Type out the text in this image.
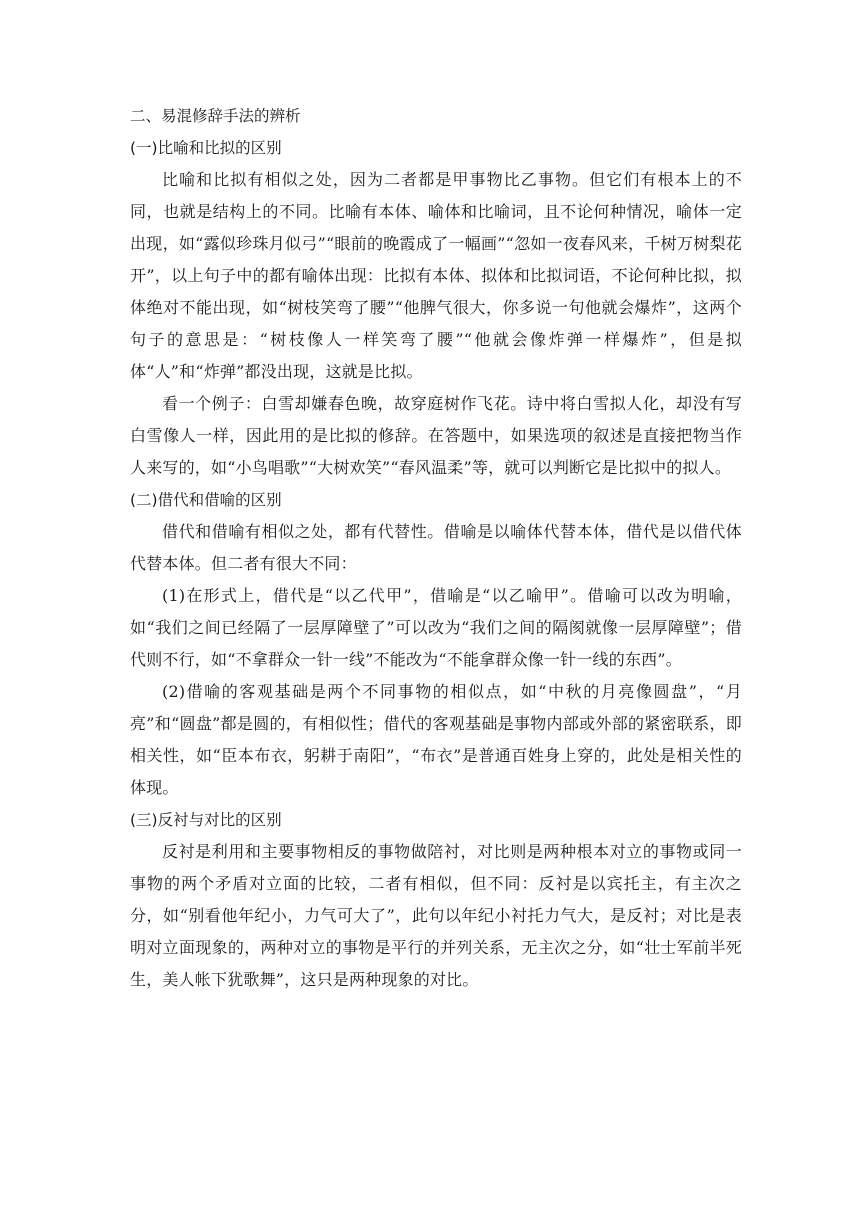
二、易混修辞手法的辨析

(一)比喻和比拟的区别

比喻和比拟有相似之处，因为二者都是甲事物比乙事物。但它们有根本上的不同，也就是结构上的不同。比喻有本体、喻体和比喻词，且不论何种情况，喻体一定出现，如“露似珍珠月似弓”“眼前的晚霞成了一幅画”“忽如一夜春风来，千树万树梨花开”，以上句子中的都有喻体出现：比拟有本体、拟体和比拟词语，不论何种比拟，拟体绝对不能出现，如“树枝笑弯了腰”“他脾气很大，你多说一句他就会爆炸”，这两个句子的意思是：“树枝像人一样笑弯了腰”“他就会像炸弹一样爆炸”，但是拟体“人”和“炸弹”都没出现，这就是比拟。

看一个例子：白雪却嫌春色晚，故穿庭树作飞花。诗中将白雪拟人化，却没有写白雪像人一样，因此用的是比拟的修辞。在答题中，如果选项的叙述是直接把物当作人来写的，如“小鸟唱歌”“大树欢笑”“春风温柔”等，就可以判断它是比拟中的拟人。

(二)借代和借喻的区别

借代和借喻有相似之处，都有代替性。借喻是以喻体代替本体，借代是以借代体代替本体。但二者有很大不同：

(1)在形式上，借代是“以乙代甲”，借喻是“以乙喻甲”。借喻可以改为明喻，如“我们之间已经隔了一层厚障壁了”可以改为“我们之间的隔阂就像一层厚障壁”；借代则不行，如“不拿群众一针一线”不能改为“不能拿群众像一针一线的东西”。

(2)借喻的客观基础是两个不同事物的相似点，如“中秋的月亮像圆盘”，“月亮”和“圆盘”都是圆的，有相似性；借代的客观基础是事物内部或外部的紧密联系，即相关性，如“臣本布衣，躬耕于南阳”，“布衣”是普通百姓身上穿的，此处是相关性的体现。

(三)反衬与对比的区别

反衬是利用和主要事物相反的事物做陪衬，对比则是两种根本对立的事物或同一事物的两个矛盾对立面的比较，二者有相似，但不同：反衬是以宾托主，有主次之分，如“别看他年纪小，力气可大了”，此句以年纪小衬托力气大，是反衬；对比是表明对立面现象的，两种对立的事物是平行的并列关系，无主次之分，如“壮士军前半死生，美人帐下犹歌舞”，这只是两种现象的对比。
